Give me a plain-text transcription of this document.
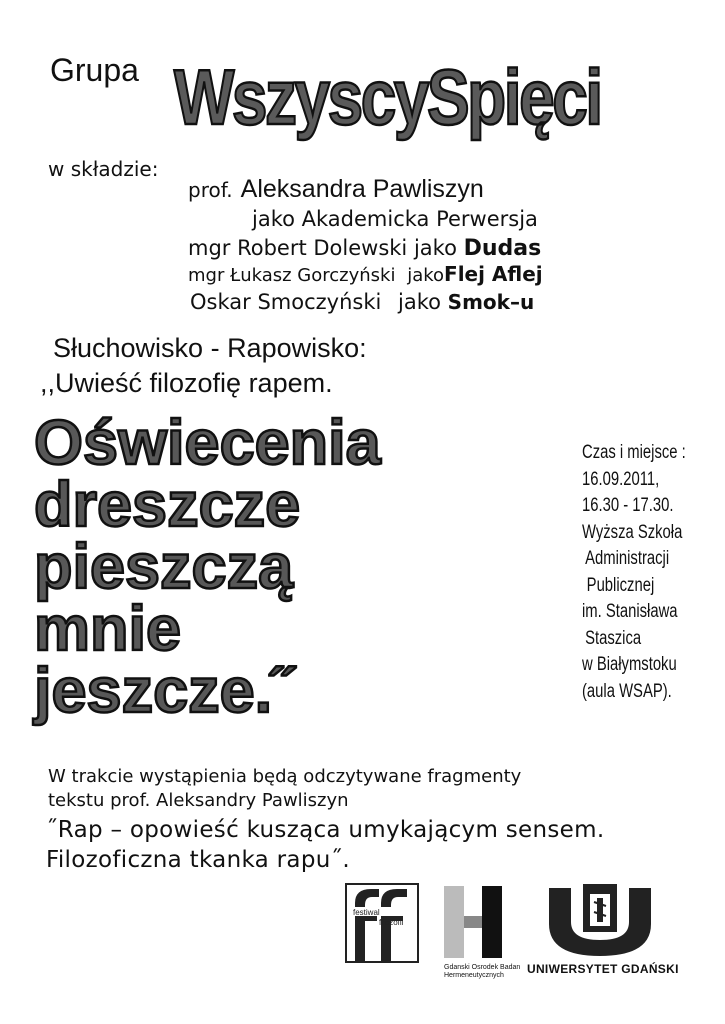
Grupa WszyscySpięci
w składzie:
prof. Aleksandra Pawliszyn
jako Akademicka Perwersja
mgr Robert Dolewski jako Dudas
mgr Łukasz Gorczyński jakoFlej Aflej
Oskar Smoczyński jako Smok–u
Słuchowisko - Rapowisko:
,,Uwieść filozofię rapem.
Oświecenia
dreszcze
pieszczą
mnie
jeszcze.˝
Czas i miejsce :
16.09.2011,
16.30 - 17.30.
Wyższa Szkoła
Administracji
Publicznej
im. Stanisława
Staszica
w Białymstoku
(aula WSAP).
W trakcie wystąpienia będą odczytywane fragmenty
tekstu prof. Aleksandry Pawliszyn
˝Rap – opowieść kusząca umykającym sensem.
Filozoficzna tkanka rapu˝.
festiwal
filozofii
Gdanski Osrodek Badan
Hermeneutycznych	UNIWERSYTET GDAŃSKI
